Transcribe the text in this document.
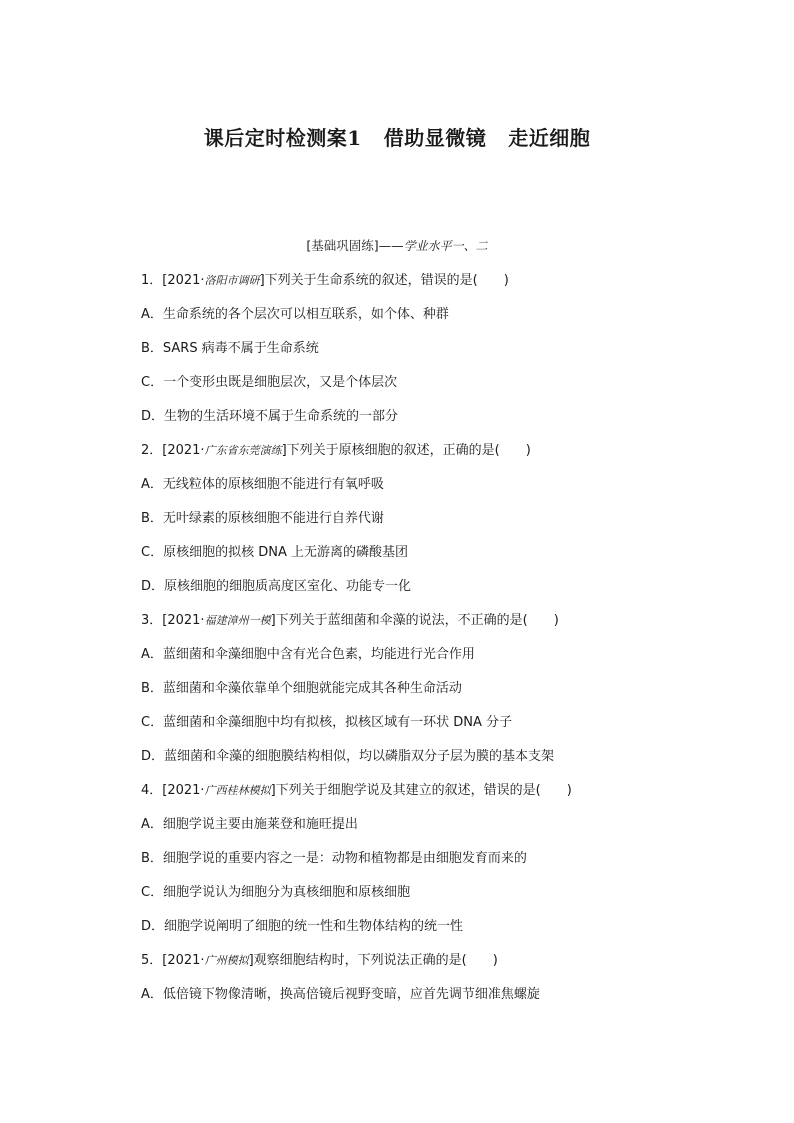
课后定时检测案1 借助显微镜 走近细胞
[基础巩固练]——学业水平一、二
1．[2021·洛阳市调研]下列关于生命系统的叙述，错误的是(　　)
A．生命系统的各个层次可以相互联系，如个体、种群
B．SARS 病毒不属于生命系统
C．一个变形虫既是细胞层次，又是个体层次
D．生物的生活环境不属于生命系统的一部分
2．[2021·广东省东莞演练]下列关于原核细胞的叙述，正确的是(　　)
A．无线粒体的原核细胞不能进行有氧呼吸
B．无叶绿素的原核细胞不能进行自养代谢
C．原核细胞的拟核 DNA 上无游离的磷酸基团
D．原核细胞的细胞质高度区室化、功能专一化
3．[2021·福建漳州一模]下列关于蓝细菌和伞藻的说法，不正确的是(　　)
A．蓝细菌和伞藻细胞中含有光合色素，均能进行光合作用
B．蓝细菌和伞藻依靠单个细胞就能完成其各种生命活动
C．蓝细菌和伞藻细胞中均有拟核，拟核区域有一环状 DNA 分子
D．蓝细菌和伞藻的细胞膜结构相似，均以磷脂双分子层为膜的基本支架
4．[2021·广西桂林模拟]下列关于细胞学说及其建立的叙述，错误的是(　　)
A．细胞学说主要由施莱登和施旺提出
B．细胞学说的重要内容之一是：动物和植物都是由细胞发育而来的
C．细胞学说认为细胞分为真核细胞和原核细胞
D．细胞学说阐明了细胞的统一性和生物体结构的统一性
5．[2021·广州模拟]观察细胞结构时，下列说法正确的是(　　)
A．低倍镜下物像清晰，换高倍镜后视野变暗，应首先调节细准焦螺旋
